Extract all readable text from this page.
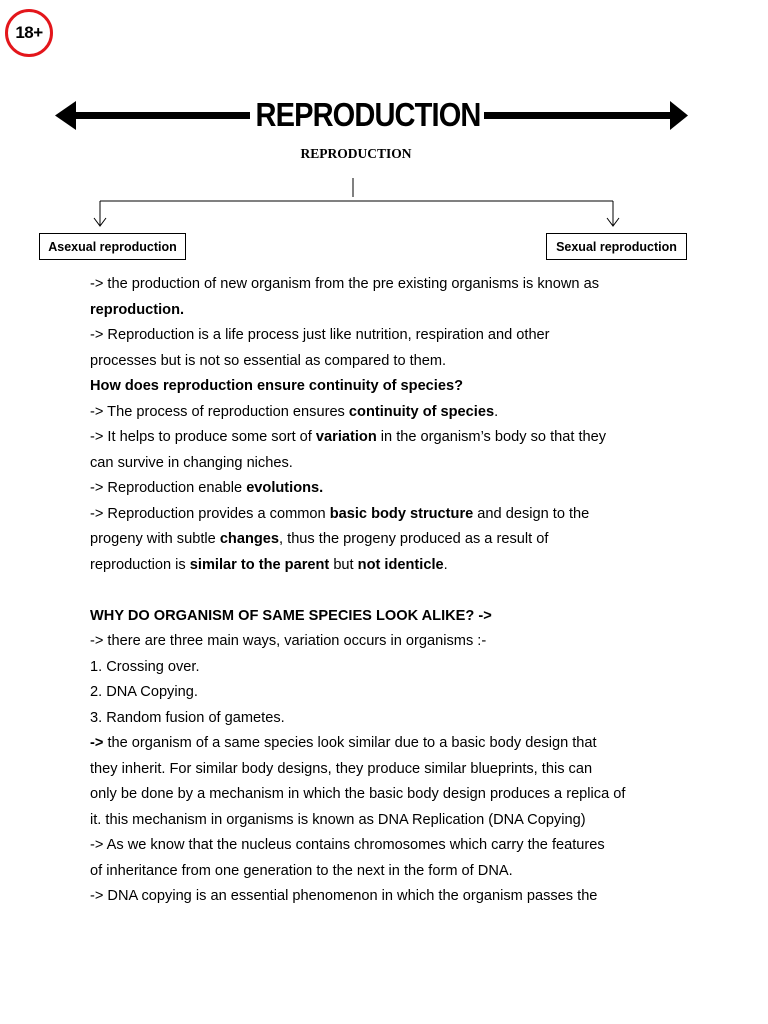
18+
REPRODUCTION
REPRODUCTION
Asexual reproduction	Sexual reproduction

-> the production of new organism from the pre existing organisms is known as

reproduction.

-> Reproduction is a life process just like nutrition, respiration and other

processes but is not so essential as compared to them.

How does reproduction ensure continuity of species?

-> The process of reproduction ensures continuity of species.

-> It helps to produce some sort of variation in the organism’s body so that they

can survive in changing niches.

-> Reproduction enable evolutions.

-> Reproduction provides a common basic body structure and design to the

progeny with subtle changes, thus the progeny produced as a result of

reproduction is similar to the parent but not identicle.

WHY DO ORGANISM OF SAME SPECIES LOOK ALIKE? ->

-> there are three main ways, variation occurs in organisms :-

1. Crossing over.

2. DNA Copying.

3. Random fusion of gametes.

-> the organism of a same species look similar due to a basic body design that

they inherit. For similar body designs, they produce similar blueprints, this can

only be done by a mechanism in which the basic body design produces a replica of

it. this mechanism in organisms is known as DNA Replication (DNA Copying)

-> As we know that the nucleus contains chromosomes which carry the features

of inheritance from one generation to the next in the form of DNA.

-> DNA copying is an essential phenomenon in which the organism passes the
